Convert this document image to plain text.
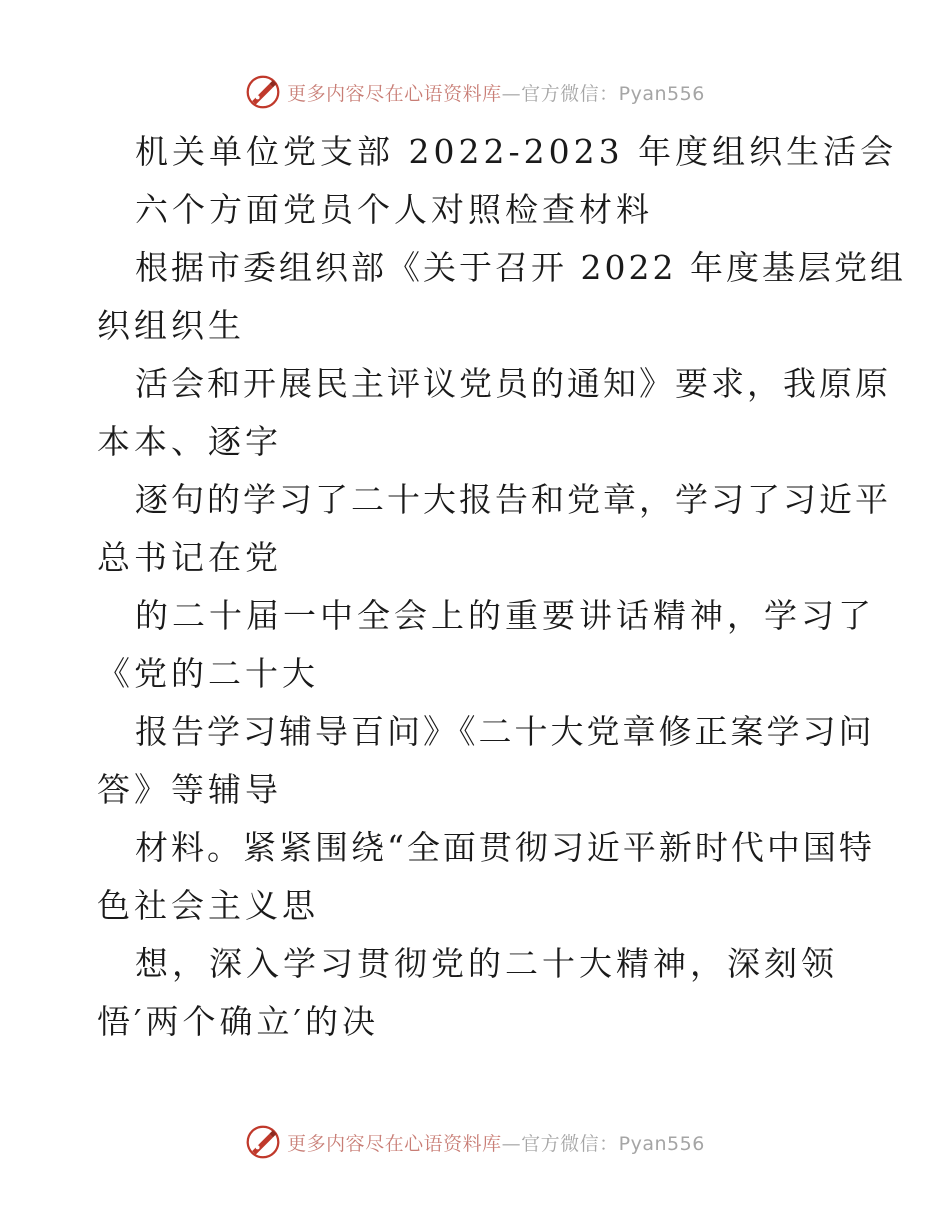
更多内容尽在心语资料库—官方微信：Pyan556
机关单位党支部 2022-2023 年度组织生活会
六个方面党员个人对照检查材料
根据市委组织部《关于召开 2022 年度基层党组
织组织生
活会和开展民主评议党员的通知》要求，我原原
本本、逐字
逐句的学习了二十大报告和党章，学习了习近平
总书记在党
的二十届一中全会上的重要讲话精神，学习了
《党的二十大
报告学习辅导百问》《二十大党章修正案学习问
答》等辅导
材料。紧紧围绕“全面贯彻习近平新时代中国特
色社会主义思
想，深入学习贯彻党的二十大精神，深刻领
悟′两个确立′的决
更多内容尽在心语资料库—官方微信：Pyan556
